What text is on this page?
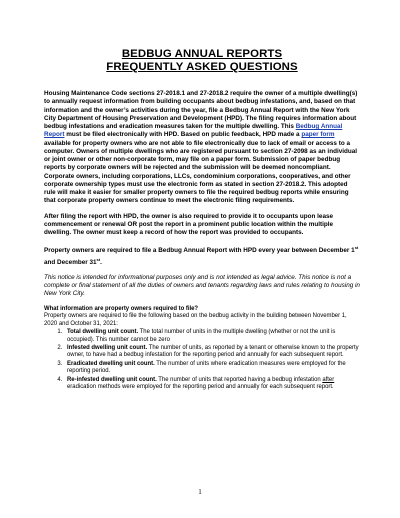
BEDBUG ANNUAL REPORTS
FREQUENTLY ASKED QUESTIONS

Housing Maintenance Code sections 27-2018.1 and 27-2018.2 require the owner of a multiple dwelling(s) to annually request information from building occupants about bedbug infestations, and, based on that information and the owner’s activities during the year, file a Bedbug Annual Report with the New York City Department of Housing Preservation and Development (HPD). The filing requires information about bedbug infestations and eradication measures taken for the multiple dwelling. This Bedbug Annual Report must be filed electronically with HPD. Based on public feedback, HPD made a paper form available for property owners who are not able to file electronically due to lack of email or access to a computer. Owners of multiple dwellings who are registered pursuant to section 27-2098 as an individual or joint owner or other non-corporate form, may file on a paper form. Submission of paper bedbug reports by corporate owners will be rejected and the submission will be deemed noncompliant. Corporate owners, including corporations, LLCs, condominium corporations, cooperatives, and other corporate ownership types must use the electronic form as stated in section 27-2018.2. This adopted rule will make it easier for smaller property owners to file the required bedbug reports while ensuring that corporate property owners continue to meet the electronic filing requirements.

After filing the report with HPD, the owner is also required to provide it to occupants upon lease commencement or renewal OR post the report in a prominent public location within the multiple dwelling. The owner must keep a record of how the report was provided to occupants.

Property owners are required to file a Bedbug Annual Report with HPD every year between December 1st and December 31st.

This notice is intended for informational purposes only and is not intended as legal advice. This notice is not a complete or final statement of all the duties of owners and tenants regarding laws and rules relating to housing in New York City.

What information are property owners required to file?

Property owners are required to file the following based on the bedbug activity in the building between November 1, 2020 and October 31, 2021:

1. Total dwelling unit count. The total number of units in the multiple dwelling (whether or not the unit is occupied). This number cannot be zero
2. Infested dwelling unit count. The number of units, as reported by a tenant or otherwise known to the property owner, to have had a bedbug infestation for the reporting period and annually for each subsequent report.
3. Eradicated dwelling unit count. The number of units where eradication measures were employed for the reporting period.
4. Re-infested dwelling unit count. The number of units that reported having a bedbug infestation after eradication methods were employed for the reporting period and annually for each subsequent report.
1
